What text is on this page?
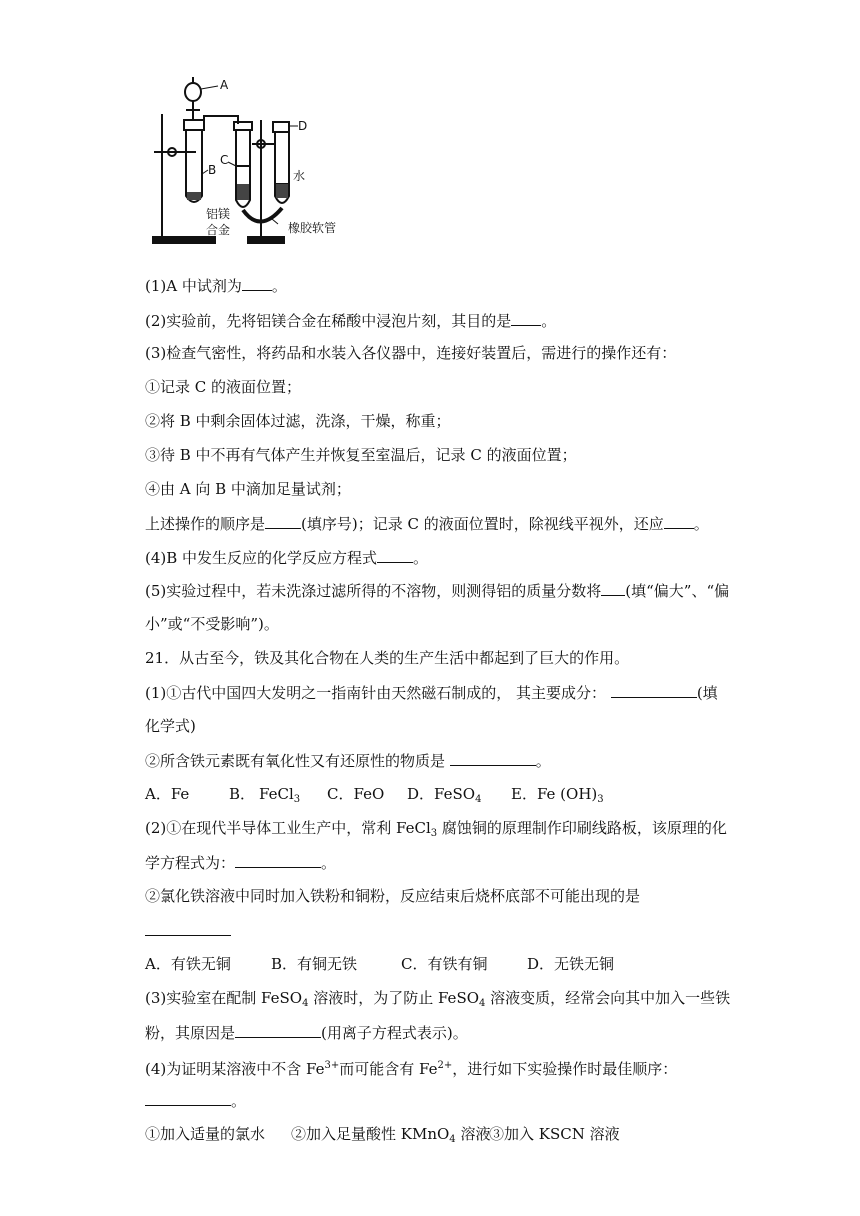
A
B
C
D
水
铝镁
合金	橡胶软管
(1)A 中试剂为 。
(2)实验前，先将铝镁合金在稀酸中浸泡片刻，其目的是 。
(3)检查气密性，将药品和水装入各仪器中，连接好装置后，需进行的操作还有：
①记录 C 的液面位置；
②将 B 中剩余固体过滤，洗涤，干燥，称重；
③待 B 中不再有气体产生并恢复至室温后，记录 C 的液面位置；
④由 A 向 B 中滴加足量试剂；
上述操作的顺序是 (填序号)；记录 C 的液面位置时，除视线平视外，还应 。
(4)B 中发生反应的化学反应方程式 。
(5)实验过程中，若未洗涤过滤所得的不溶物，则测得铝的质量分数将 (填“偏大”、“偏
小”或“不受影响”)。
21．从古至今，铁及其化合物在人类的生产生活中都起到了巨大的作用。
(1)①古代中国四大发明之一指南针由天然磁石制成的， 其主要成分：	(填
化学式)
②所含铁元素既有氧化性又有还原性的物质是	。
A．Fe	B． FeCl$_3$ C．FeO D．FeSO$_4$ E．Fe $(OH)_3$
(2)①在现代半导体工业生产中，常利 FeCl$_3$ 腐蚀铜的原理制作印刷线路板，该原理的化
学方程式为：	。
②氯化铁溶液中同时加入铁粉和铜粉，反应结束后烧杯底部不可能出现的是
A．有铁无铜	B．有铜无铁	C．有铁有铜	D．无铁无铜
(3)实验室在配制 FeSO$_4$ 溶液时，为了防止 FeSO$_4$ 溶液变质，经常会向其中加入一些铁
粉，其原因是	(用离子方程式表示)。
(4)为证明某溶液中不含 $Fe^{3+}$而可能含有 $Fe^{2+}$，进行如下实验操作时最佳顺序：
。
①加入适量的氯水 ②加入足量酸性 KMnO$_4$ 溶液③加入 KSCN 溶液
